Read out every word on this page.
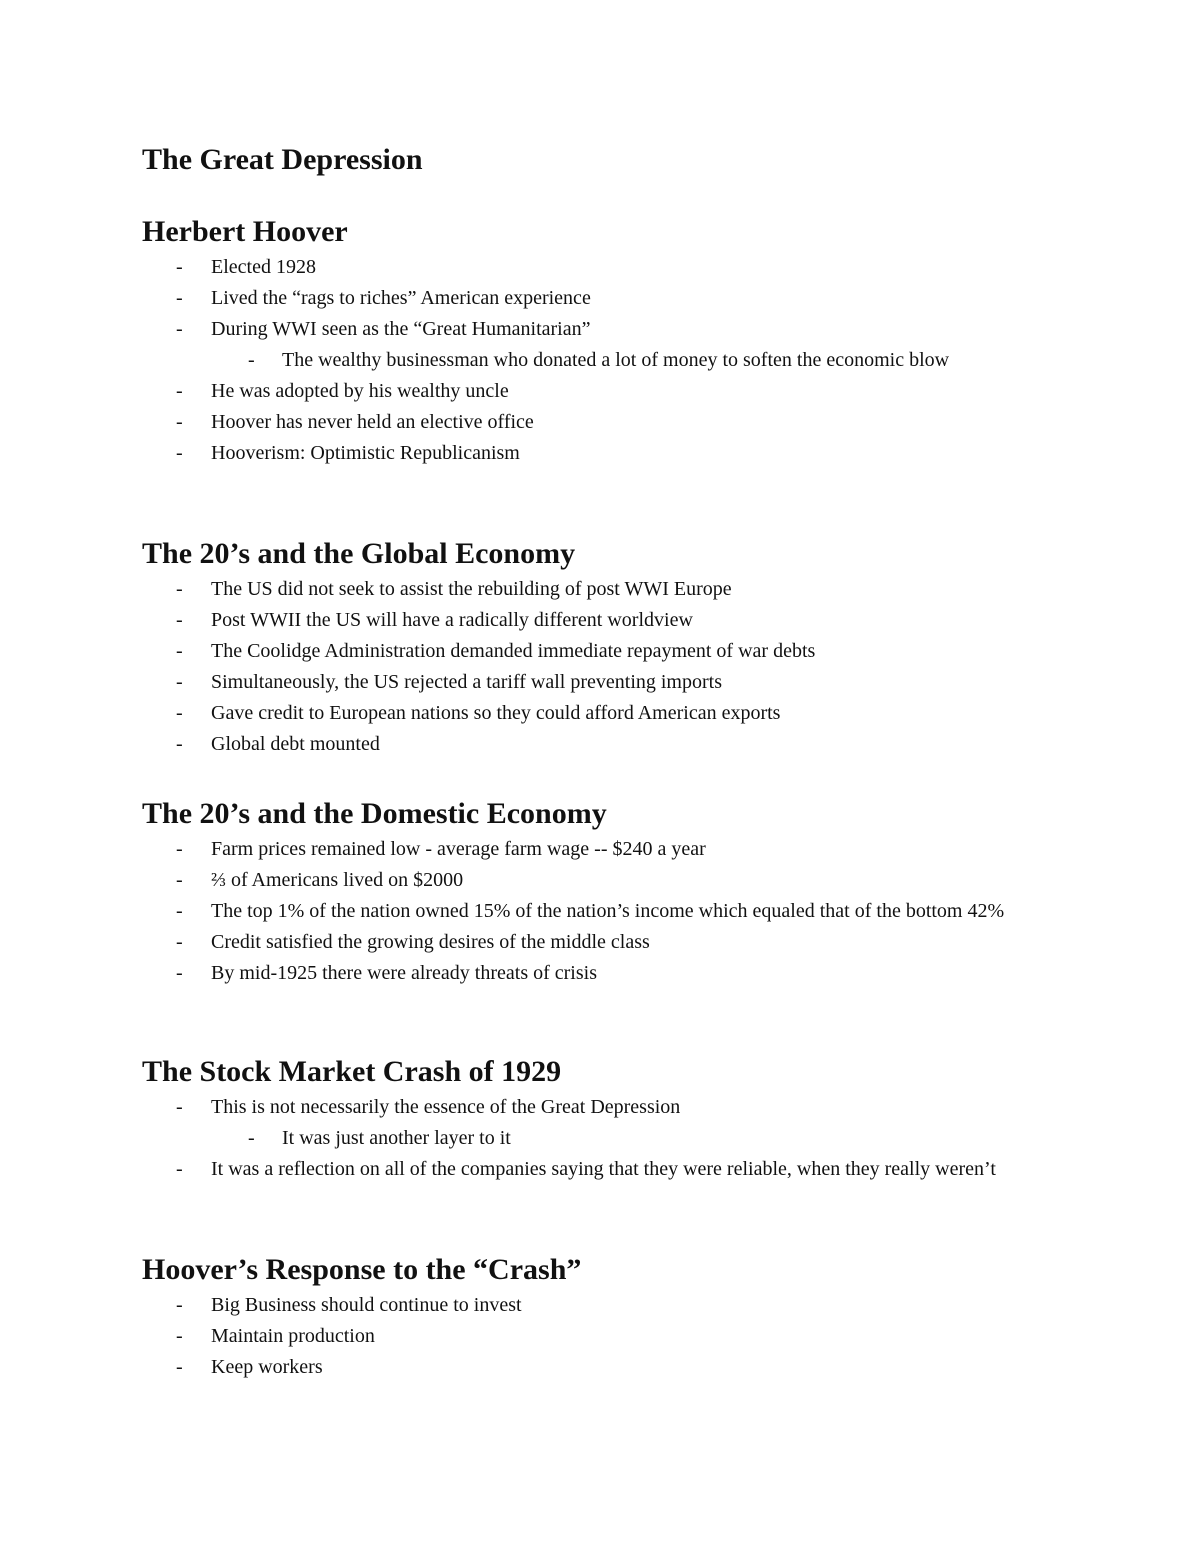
The Great Depression
Herbert Hoover
- Elected 1928
- Lived the “rags to riches” American experience
- During WWI seen as the “Great Humanitarian”
- The wealthy businessman who donated a lot of money to soften the economic blow
- He was adopted by his wealthy uncle
- Hoover has never held an elective office
- Hooverism: Optimistic Republicanism
The 20’s and the Global Economy
- The US did not seek to assist the rebuilding of post WWI Europe
- Post WWII the US will have a radically different worldview
- The Coolidge Administration demanded immediate repayment of war debts
- Simultaneously, the US rejected a tariff wall preventing imports
- Gave credit to European nations so they could afford American exports
- Global debt mounted
The 20’s and the Domestic Economy
- Farm prices remained low - average farm wage -- $240 a year
- ⅔ of Americans lived on $2000
- The top 1% of the nation owned 15% of the nation’s income which equaled that of the bottom 42%
- Credit satisfied the growing desires of the middle class
- By mid-1925 there were already threats of crisis
The Stock Market Crash of 1929
- This is not necessarily the essence of the Great Depression
- It was just another layer to it
- It was a reflection on all of the companies saying that they were reliable, when they really weren’t
Hoover’s Response to the “Crash”
- Big Business should continue to invest
- Maintain production
- Keep workers
